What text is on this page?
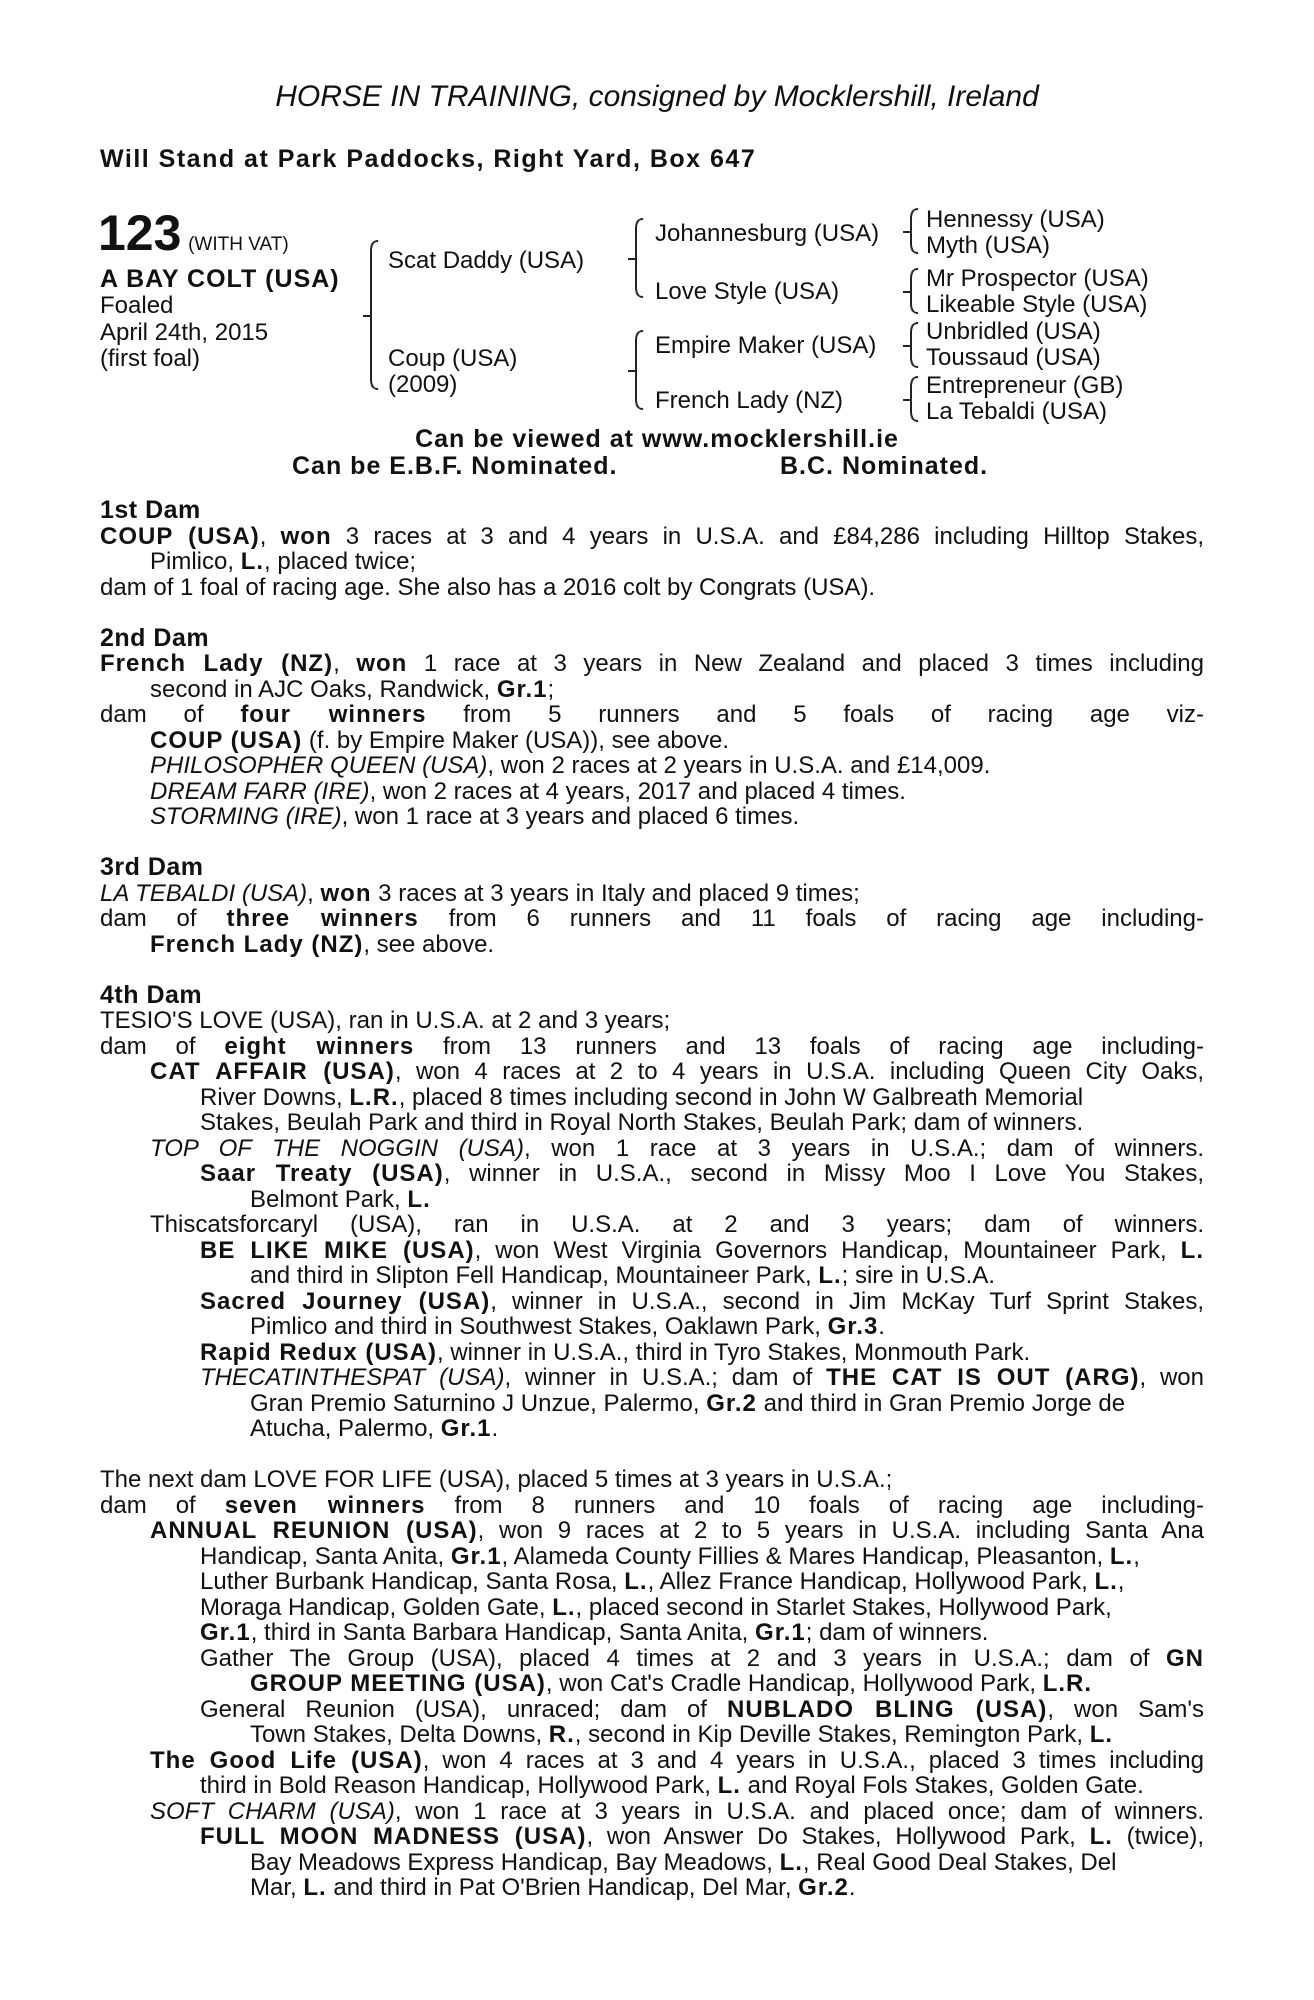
HORSE IN TRAINING, consigned by Mocklershill, Ireland
Will Stand at Park Paddocks, Right Yard, Box 647
123 (WITH VAT)
A BAY COLT (USA)
Foaled
April 24th, 2015
(first foal)
Scat Daddy (USA)
Coup (USA)
(2009)
Johannesburg (USA)
Love Style (USA)
Empire Maker (USA)
French Lady (NZ)
Hennessy (USA)
Myth (USA)
Mr Prospector (USA)
Likeable Style (USA)
Unbridled (USA)
Toussaud (USA)
Entrepreneur (GB)
La Tebaldi (USA)
Can be viewed at www.mocklershill.ie
Can be E.B.F. Nominated.	B.C. Nominated.
1st Dam
COUP (USA), won 3 races at 3 and 4 years in U.S.A. and £84,286 including Hilltop Stakes,
Pimlico, L., placed twice;
dam of 1 foal of racing age. She also has a 2016 colt by Congrats (USA).
2nd Dam
French Lady (NZ), won 1 race at 3 years in New Zealand and placed 3 times including
second in AJC Oaks, Randwick, Gr.1;
dam of four winners from 5 runners and 5 foals of racing age viz-
COUP (USA) (f. by Empire Maker (USA)), see above.
PHILOSOPHER QUEEN (USA), won 2 races at 2 years in U.S.A. and £14,009.
DREAM FARR (IRE), won 2 races at 4 years, 2017 and placed 4 times.
STORMING (IRE), won 1 race at 3 years and placed 6 times.
3rd Dam
LA TEBALDI (USA), won 3 races at 3 years in Italy and placed 9 times;
dam of three winners from 6 runners and 11 foals of racing age including-
French Lady (NZ), see above.
4th Dam
TESIO'S LOVE (USA), ran in U.S.A. at 2 and 3 years;
dam of eight winners from 13 runners and 13 foals of racing age including-
CAT AFFAIR (USA), won 4 races at 2 to 4 years in U.S.A. including Queen City Oaks,
River Downs, L.R., placed 8 times including second in John W Galbreath Memorial
Stakes, Beulah Park and third in Royal North Stakes, Beulah Park; dam of winners.
TOP OF THE NOGGIN (USA), won 1 race at 3 years in U.S.A.; dam of winners.
Saar Treaty (USA), winner in U.S.A., second in Missy Moo I Love You Stakes,
Belmont Park, L.
Thiscatsforcaryl (USA), ran in U.S.A. at 2 and 3 years; dam of winners.
BE LIKE MIKE (USA), won West Virginia Governors Handicap, Mountaineer Park, L.
and third in Slipton Fell Handicap, Mountaineer Park, L.; sire in U.S.A.
Sacred Journey (USA), winner in U.S.A., second in Jim McKay Turf Sprint Stakes,
Pimlico and third in Southwest Stakes, Oaklawn Park, Gr.3.
Rapid Redux (USA), winner in U.S.A., third in Tyro Stakes, Monmouth Park.
THECATINTHESPAT (USA), winner in U.S.A.; dam of THE CAT IS OUT (ARG), won
Gran Premio Saturnino J Unzue, Palermo, Gr.2 and third in Gran Premio Jorge de
Atucha, Palermo, Gr.1.
The next dam LOVE FOR LIFE (USA), placed 5 times at 3 years in U.S.A.;
dam of seven winners from 8 runners and 10 foals of racing age including-
ANNUAL REUNION (USA), won 9 races at 2 to 5 years in U.S.A. including Santa Ana
Handicap, Santa Anita, Gr.1, Alameda County Fillies & Mares Handicap, Pleasanton, L.,
Luther Burbank Handicap, Santa Rosa, L., Allez France Handicap, Hollywood Park, L.,
Moraga Handicap, Golden Gate, L., placed second in Starlet Stakes, Hollywood Park,
Gr.1, third in Santa Barbara Handicap, Santa Anita, Gr.1; dam of winners.
Gather The Group (USA), placed 4 times at 2 and 3 years in U.S.A.; dam of GN
GROUP MEETING (USA), won Cat's Cradle Handicap, Hollywood Park, L.R.
General Reunion (USA), unraced; dam of NUBLADO BLING (USA), won Sam's
Town Stakes, Delta Downs, R., second in Kip Deville Stakes, Remington Park, L.
The Good Life (USA), won 4 races at 3 and 4 years in U.S.A., placed 3 times including
third in Bold Reason Handicap, Hollywood Park, L. and Royal Fols Stakes, Golden Gate.
SOFT CHARM (USA), won 1 race at 3 years in U.S.A. and placed once; dam of winners.
FULL MOON MADNESS (USA), won Answer Do Stakes, Hollywood Park, L. (twice),
Bay Meadows Express Handicap, Bay Meadows, L., Real Good Deal Stakes, Del
Mar, L. and third in Pat O'Brien Handicap, Del Mar, Gr.2.
